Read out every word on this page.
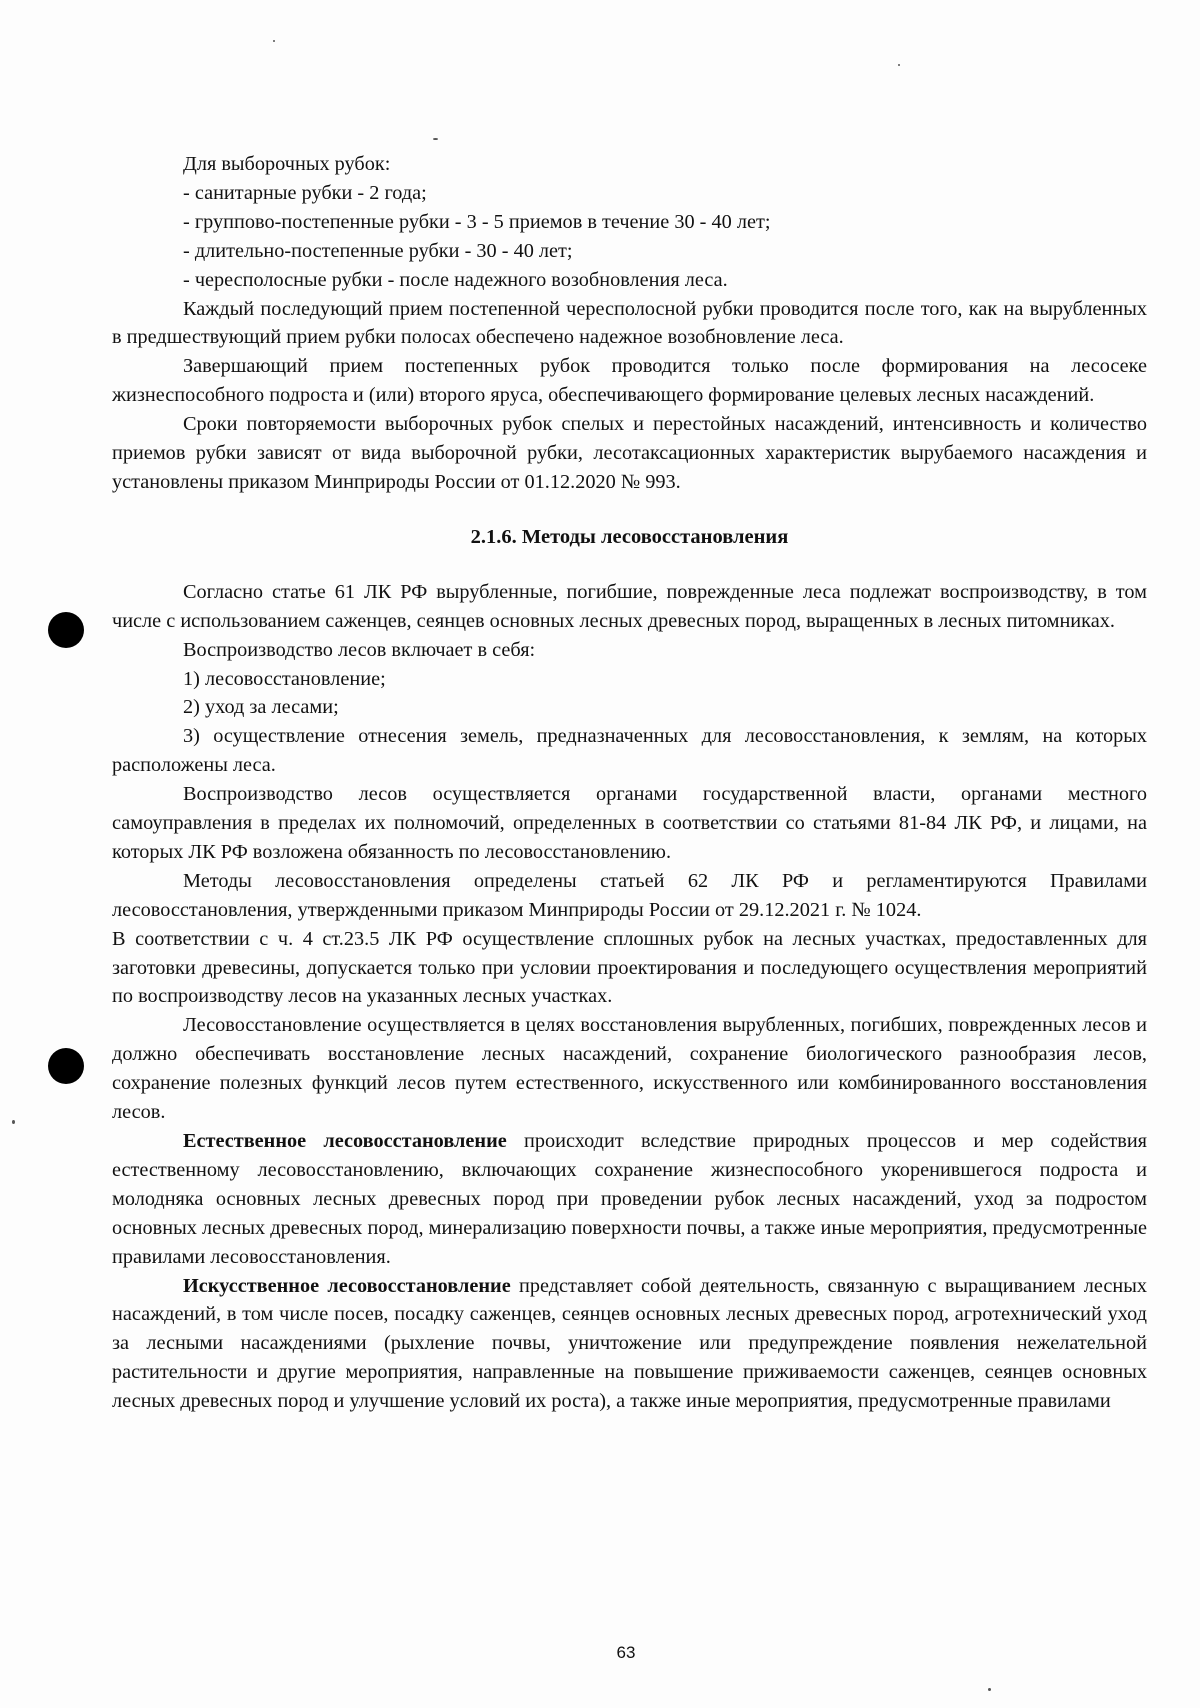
Для выборочных рубок:

- санитарные рубки - 2 года;

- группово-постепенные рубки - 3 - 5 приемов в течение 30 - 40 лет;

- длительно-постепенные рубки - 30 - 40 лет;

- чересполосные рубки - после надежного возобновления леса.

Каждый последующий прием постепенной чересполосной рубки проводится после того, как на вырубленных в предшествующий прием рубки полосах обеспечено надежное возобновление леса.

Завершающий прием постепенных рубок проводится только после формирования на лесосеке жизнеспособного подроста и (или) второго яруса, обеспечивающего формирование целевых лесных насаждений.

Сроки повторяемости выборочных рубок спелых и перестойных насаждений, интенсивность и количество приемов рубки зависят от вида выборочной рубки, лесотаксационных характеристик вырубаемого насаждения и установлены приказом Минприроды России от 01.12.2020 № 993.

2.1.6. Методы лесовосстановления

Согласно статье 61 ЛК РФ вырубленные, погибшие, поврежденные леса подлежат воспроизводству, в том числе с использованием саженцев, сеянцев основных лесных древесных пород, выращенных в лесных питомниках.

Воспроизводство лесов включает в себя:

1) лесовосстановление;

2) уход за лесами;

3) осуществление отнесения земель, предназначенных для лесовосстановления, к землям, на которых расположены леса.

Воспроизводство лесов осуществляется органами государственной власти, органами местного самоуправления в пределах их полномочий, определенных в соответствии со статьями 81-84 ЛК РФ, и лицами, на которых ЛК РФ возложена обязанность по лесовосстановлению.

Методы лесовосстановления определены статьей 62 ЛК РФ и регламентируются Правилами лесовосстановления, утвержденными приказом Минприроды России от 29.12.2021 г. № 1024.

В соответствии с ч. 4 ст.23.5 ЛК РФ осуществление сплошных рубок на лесных участках, предоставленных для заготовки древесины, допускается только при условии проектирования и последующего осуществления мероприятий по воспроизводству лесов на указанных лесных участках.

Лесовосстановление осуществляется в целях восстановления вырубленных, погибших, поврежденных лесов и должно обеспечивать восстановление лесных насаждений, сохранение биологического разнообразия лесов, сохранение полезных функций лесов путем естественного, искусственного или комбинированного восстановления лесов.

Естественное лесовосстановление происходит вследствие природных процессов и мер содействия естественному лесовосстановлению, включающих сохранение жизнеспособного укоренившегося подроста и молодняка основных лесных древесных пород при проведении рубок лесных насаждений, уход за подростом основных лесных древесных пород, минерализацию поверхности почвы, а также иные мероприятия, предусмотренные правилами лесовосстановления.

Искусственное лесовосстановление представляет собой деятельность, связанную с выращиванием лесных насаждений, в том числе посев, посадку саженцев, сеянцев основных лесных древесных пород, агротехнический уход за лесными насаждениями (рыхление почвы, уничтожение или предупреждение появления нежелательной растительности и другие мероприятия, направленные на повышение приживаемости саженцев, сеянцев основных лесных древесных пород и улучшение условий их роста), а также иные мероприятия, предусмотренные правилами

63
